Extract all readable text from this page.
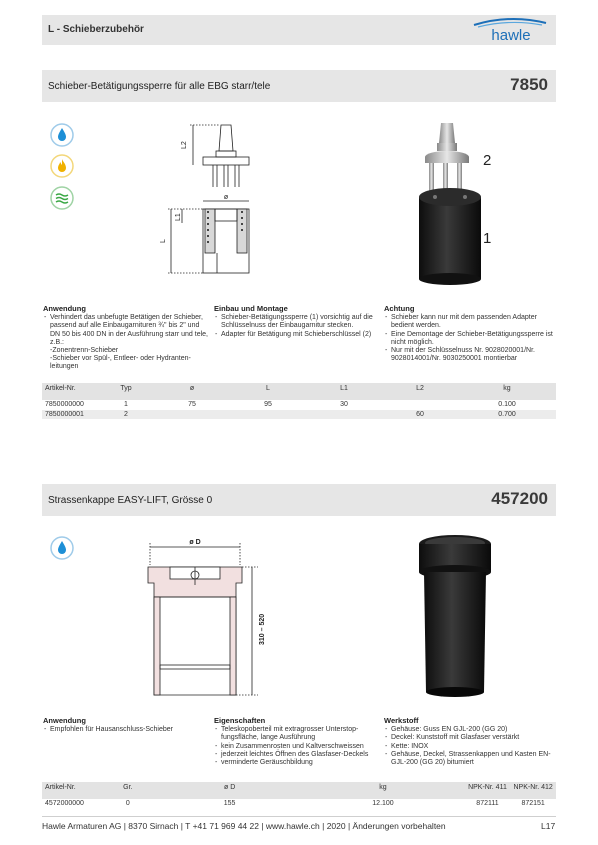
L - Schieberzubehör	hawle
Schieber-Betätigungssperre für alle EBG starr/tele	7850
L2
ø
L1
L
2
1
Anwendung
- Verhindert das unbefugte Betätigen der Schieber, passend auf alle Einbaugarnituren ¾" bis 2" und DN 50 bis 400 DN in der Ausführung starr und tele, z.B.:
-Zonentrenn-Schieber
-Schieber vor Spül-, Entleer- oder Hydranten-leitungen
Einbau und Montage
- Schieber-Betätigungssperre (1) vorsichtig auf die Schlüsselnuss der Einbaugarnitur stecken.
- Adapter für Betätigung mit Schieberschlüssel (2)
Achtung
- Schieber kann nur mit dem passenden Adapter bedient werden.
- Eine Demontage der Schieber-Betätigungssperre ist nicht möglich.
- Nur mit der Schlüsselnuss Nr. 9028020001/Nr. 9028014001/Nr. 9030250001 montierbar
Artikel-Nr.	Typ	ø	L	L1	L2	kg
7850000000	1	75	95	30		0.100
7850000001	2				60	0.700
Strassenkappe EASY-LIFT, Grösse 0	457200
ø D
310 – 520
Anwendung
- Empfohlen für Hausanschluss-Schieber
Eigenschaften
- Teleskopoberteil mit extragrosser Unterstop-fungsfläche, lange Ausführung
- kein Zusammenrosten und Kaltverschweissen
- jederzeit leichtes Öffnen des Glasfaser-Deckels
- verminderte Geräuschbildung
Werkstoff
- Gehäuse: Guss EN GJL-200 (GG 20)
- Deckel: Kunststoff mit Glasfaser verstärkt
- Kette: INOX
- Gehäuse, Deckel, Strassenkappen und Kasten EN-GJL-200 (GG 20) bitumiert
Artikel-Nr.	Gr.	ø D	kg	NPK-Nr. 411	NPK-Nr. 412
4572000000	0	155	12.100	872111	872151
Hawle Armaturen AG | 8370 Sirnach | T +41 71 969 44 22 | www.hawle.ch | 2020 | Änderungen vorbehalten	L17
